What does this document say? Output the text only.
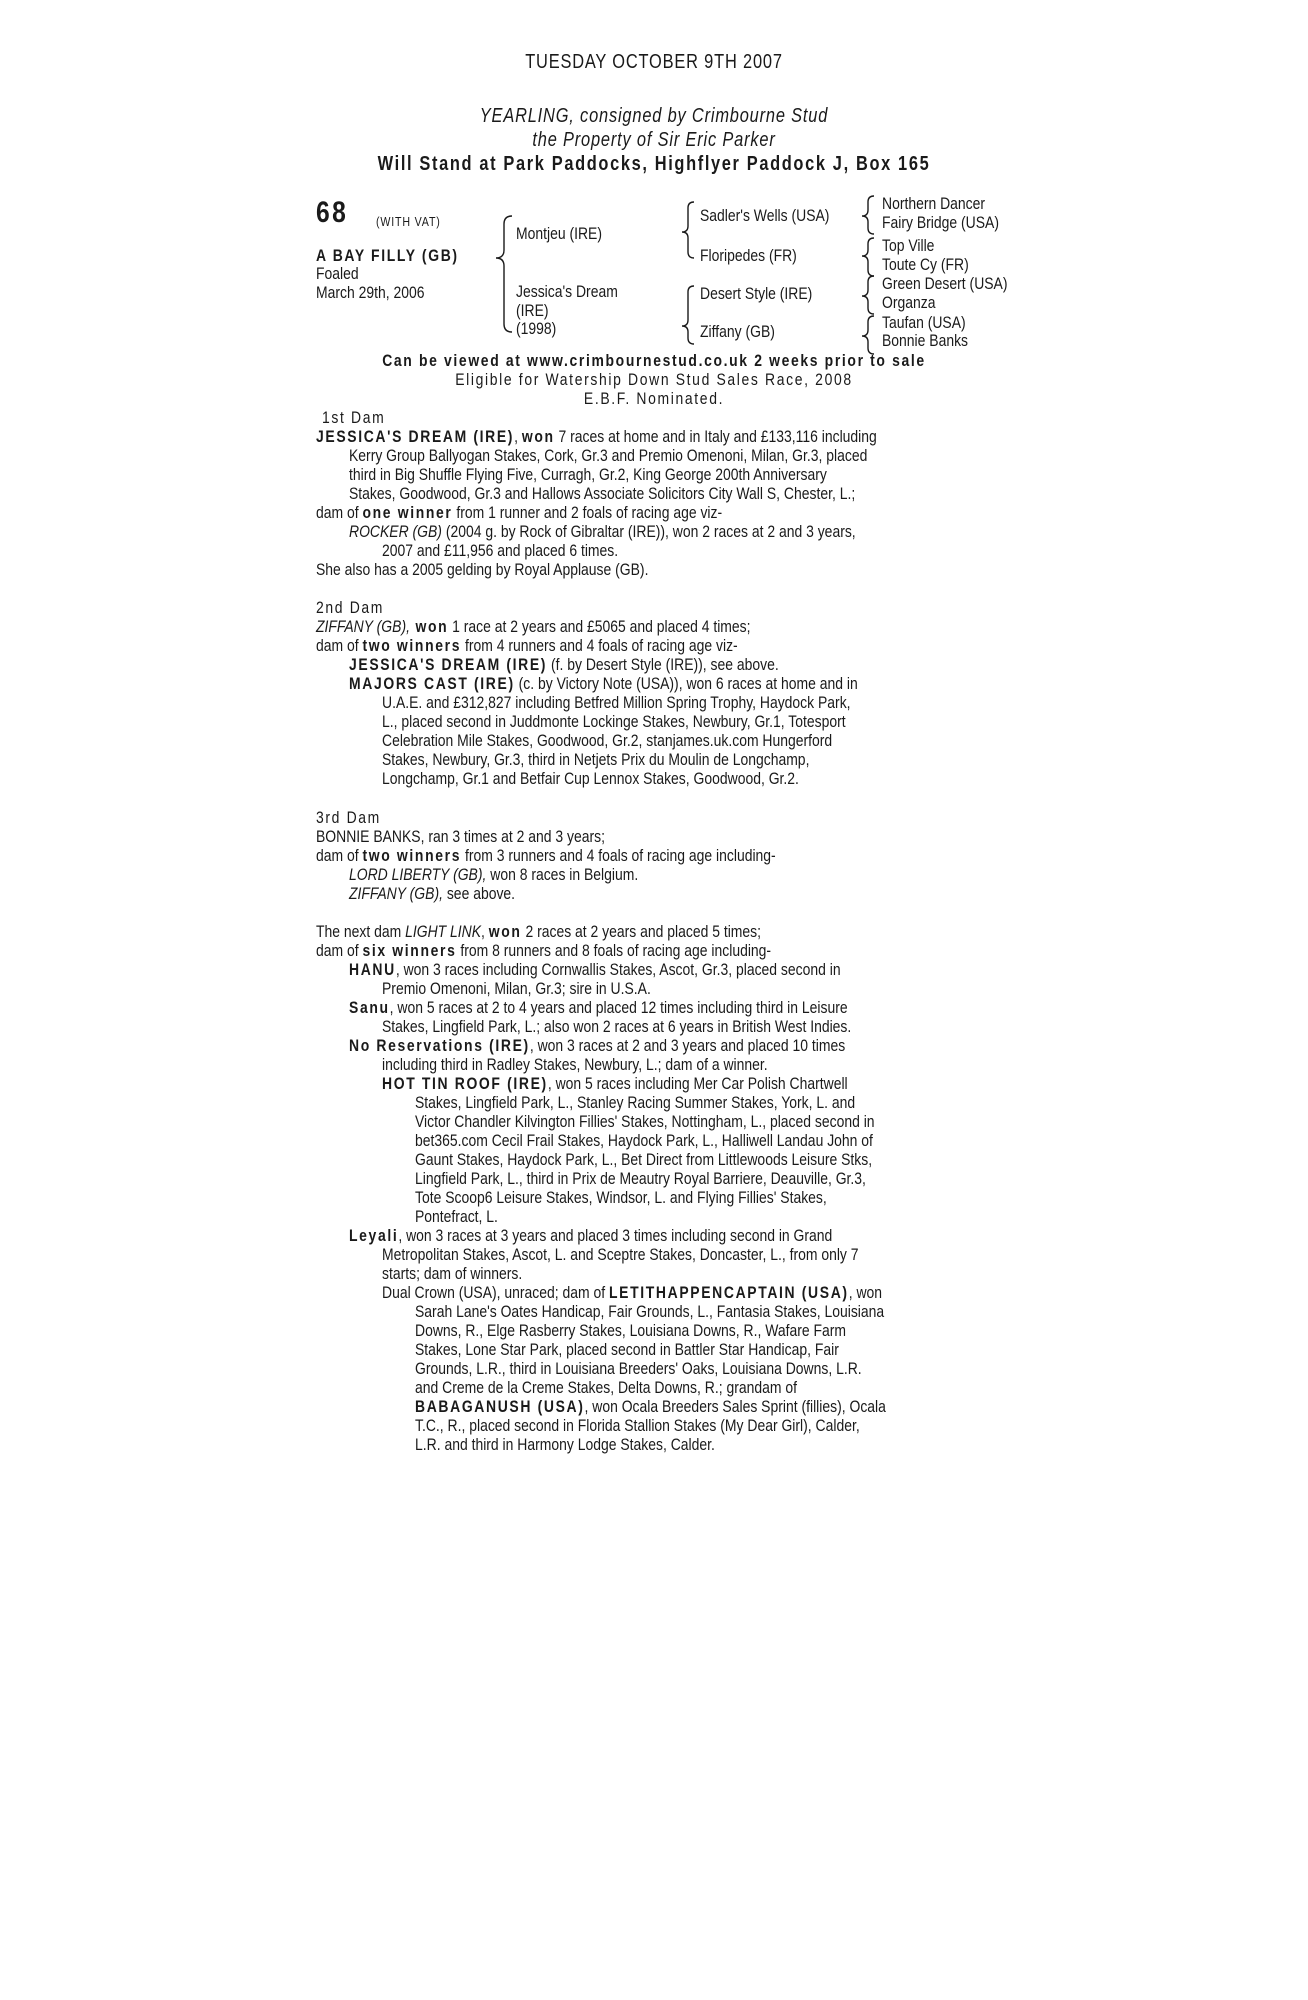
TUESDAY OCTOBER 9TH 2007
YEARLING, consigned by Crimbourne Stud
the Property of Sir Eric Parker
Will Stand at Park Paddocks, Highflyer Paddock J, Box 165
68 (WITH VAT)
A BAY FILLY (GB)
Foaled
March 29th, 2006
Montjeu (IRE)
Jessica's Dream
(IRE)
(1998)
Sadler's Wells (USA)
Floripedes (FR)
Desert Style (IRE)
Ziffany (GB)
Northern Dancer
Fairy Bridge (USA)
Top Ville
Toute Cy (FR)
Green Desert (USA)
Organza
Taufan (USA)
Bonnie Banks
Can be viewed at www.crimbournestud.co.uk 2 weeks prior to sale
Eligible for Watership Down Stud Sales Race, 2008
E.B.F. Nominated.
1st Dam
JESSICA'S DREAM (IRE), won 7 races at home and in Italy and £133,116 including
Kerry Group Ballyogan Stakes, Cork, Gr.3 and Premio Omenoni, Milan, Gr.3, placed
third in Big Shuffle Flying Five, Curragh, Gr.2, King George 200th Anniversary
Stakes, Goodwood, Gr.3 and Hallows Associate Solicitors City Wall S, Chester, L.;
dam of one winner from 1 runner and 2 foals of racing age viz-
ROCKER (GB) (2004 g. by Rock of Gibraltar (IRE)), won 2 races at 2 and 3 years,
2007 and £11,956 and placed 6 times.
She also has a 2005 gelding by Royal Applause (GB).
2nd Dam
ZIFFANY (GB), won 1 race at 2 years and £5065 and placed 4 times;
dam of two winners from 4 runners and 4 foals of racing age viz-
JESSICA'S DREAM (IRE) (f. by Desert Style (IRE)), see above.
MAJORS CAST (IRE) (c. by Victory Note (USA)), won 6 races at home and in
U.A.E. and £312,827 including Betfred Million Spring Trophy, Haydock Park,
L., placed second in Juddmonte Lockinge Stakes, Newbury, Gr.1, Totesport
Celebration Mile Stakes, Goodwood, Gr.2, stanjames.uk.com Hungerford
Stakes, Newbury, Gr.3, third in Netjets Prix du Moulin de Longchamp,
Longchamp, Gr.1 and Betfair Cup Lennox Stakes, Goodwood, Gr.2.
3rd Dam
BONNIE BANKS, ran 3 times at 2 and 3 years;
dam of two winners from 3 runners and 4 foals of racing age including-
LORD LIBERTY (GB), won 8 races in Belgium.
ZIFFANY (GB), see above.
The next dam LIGHT LINK, won 2 races at 2 years and placed 5 times;
dam of six winners from 8 runners and 8 foals of racing age including-
HANU, won 3 races including Cornwallis Stakes, Ascot, Gr.3, placed second in
Premio Omenoni, Milan, Gr.3; sire in U.S.A.
Sanu, won 5 races at 2 to 4 years and placed 12 times including third in Leisure
Stakes, Lingfield Park, L.; also won 2 races at 6 years in British West Indies.
No Reservations (IRE), won 3 races at 2 and 3 years and placed 10 times
including third in Radley Stakes, Newbury, L.; dam of a winner.
HOT TIN ROOF (IRE), won 5 races including Mer Car Polish Chartwell
Stakes, Lingfield Park, L., Stanley Racing Summer Stakes, York, L. and
Victor Chandler Kilvington Fillies' Stakes, Nottingham, L., placed second in
bet365.com Cecil Frail Stakes, Haydock Park, L., Halliwell Landau John of
Gaunt Stakes, Haydock Park, L., Bet Direct from Littlewoods Leisure Stks,
Lingfield Park, L., third in Prix de Meautry Royal Barriere, Deauville, Gr.3,
Tote Scoop6 Leisure Stakes, Windsor, L. and Flying Fillies' Stakes,
Pontefract, L.
Leyali, won 3 races at 3 years and placed 3 times including second in Grand
Metropolitan Stakes, Ascot, L. and Sceptre Stakes, Doncaster, L., from only 7
starts; dam of winners.
Dual Crown (USA), unraced; dam of LETITHAPPENCAPTAIN (USA), won
Sarah Lane's Oates Handicap, Fair Grounds, L., Fantasia Stakes, Louisiana
Downs, R., Elge Rasberry Stakes, Louisiana Downs, R., Wafare Farm
Stakes, Lone Star Park, placed second in Battler Star Handicap, Fair
Grounds, L.R., third in Louisiana Breeders' Oaks, Louisiana Downs, L.R.
and Creme de la Creme Stakes, Delta Downs, R.; grandam of
BABAGANUSH (USA), won Ocala Breeders Sales Sprint (fillies), Ocala
T.C., R., placed second in Florida Stallion Stakes (My Dear Girl), Calder,
L.R. and third in Harmony Lodge Stakes, Calder.
